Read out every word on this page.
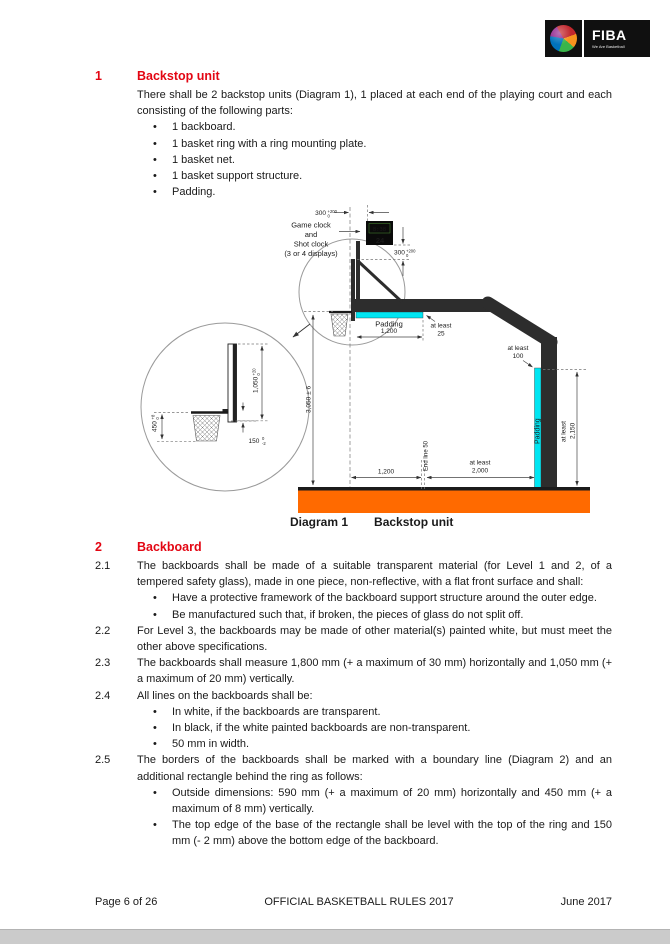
FIBA
We Are Basketball
1	Backstop unit
There shall be 2 backstop units (Diagram 1), 1 placed at each end of the playing court and each consisting of the following parts:
• 1 backboard.
• 1 basket ring with a ring mounting plate.
• 1 basket net.
• 1 basket support structure.
• Padding.
8:38
24
300 +200
0
300 +200
0
Game clock
and
Shot clock
(3 or 4 displays)
Padding
1,200
at least
25
3,050 ± 6
1,200
End line 50	at least
2,000
at least
100
Padding	at least 2,150
1,050
+20 0
450
+8 0
150 0
-2
Diagram 1 Backstop unit
2	Backboard
2.1	The backboards shall be made of a suitable transparent material (for Level 1 and 2, of a tempered safety glass), made in one piece, non-reflective, with a flat front surface and shall:
• Have a protective framework of the backboard support structure around the outer edge.
• Be manufactured such that, if broken, the pieces of glass do not split off.
2.2	For Level 3, the backboards may be made of other material(s) painted white, but must meet the other above specifications.
2.3	The backboards shall measure 1,800 mm (+ a maximum of 30 mm) horizontally and 1,050 mm (+ a maximum of 20 mm) vertically.
2.4	All lines on the backboards shall be:
• In white, if the backboards are transparent.
• In black, if the white painted backboards are non-transparent.
• 50 mm in width.
2.5	The borders of the backboards shall be marked with a boundary line (Diagram 2) and an additional rectangle behind the ring as follows:
• Outside dimensions: 590 mm (+ a maximum of 20 mm) horizontally and 450 mm (+ a maximum of 8 mm) vertically.
• The top edge of the base of the rectangle shall be level with the top of the ring and 150 mm (- 2 mm) above the bottom edge of the backboard.
Page 6 of 26	OFFICIAL BASKETBALL RULES 2017	June 2017
